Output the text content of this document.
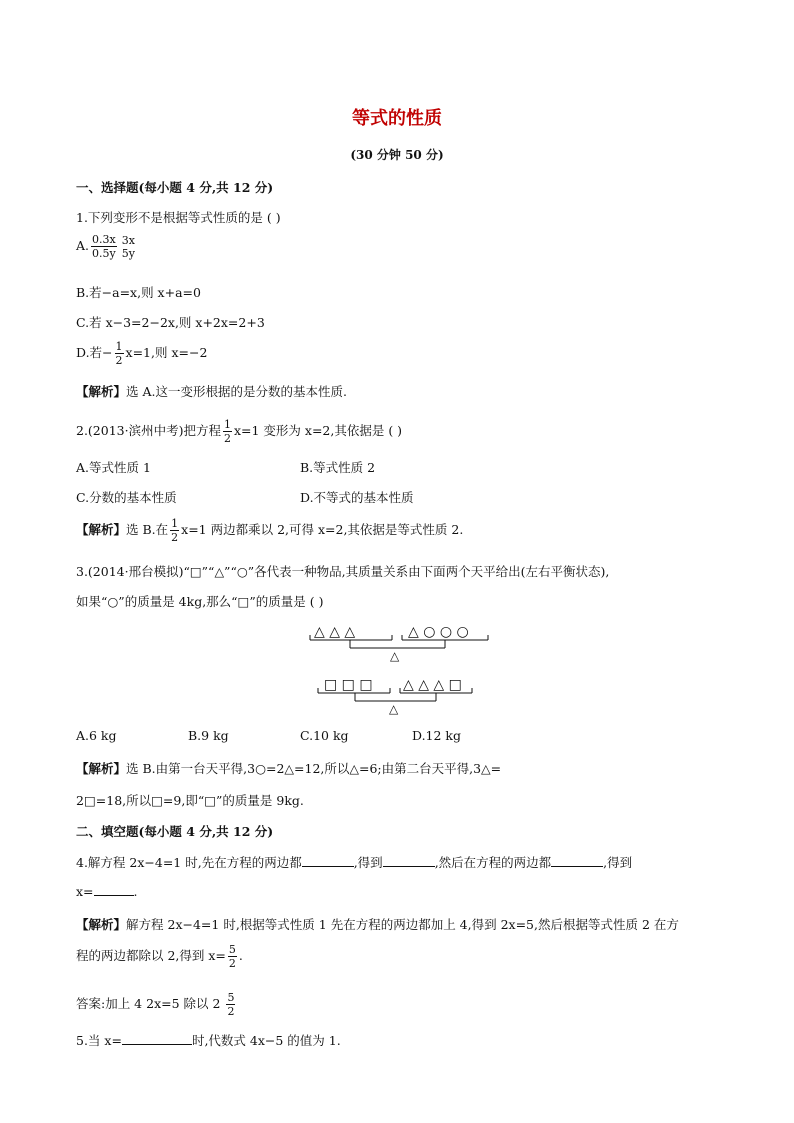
等式的性质
(30 分钟 50 分)
一、选择题(每小题 4 分,共 12 分)
1.下列变形不是根据等式性质的是 ( )
A. $\frac{0.3x}{0.5y} 3x$
5y
B.若−a=x,则 x+a=0
C.若 x−3=2−2x,则 x+2x=2+3
D.若− $\frac{1}{2} x=1$,则 x=−2
【解析】选 A.这一变形根据的是分数的基本性质.
2.(2013·滨州中考)把方程 $\frac{1}{2} x=1$ 变形为 x=2,其依据是 ( )
A.等式性质 1	B.等式性质 2
C.分数的基本性质	D.不等式的基本性质
【解析】选 B.在 $\frac{1}{2} x=1$ 两边都乘以 2,可得 x=2,其依据是等式性质 2.
3.(2014·邢台模拟)“□”“△”“○”各代表一种物品,其质量关系由下面两个天平给出(左右平衡状态),
如果“○”的质量是 4kg,那么“□”的质量是 ( )
△ △ △	△ ○ ○ ○
△
□ □ □ △ △ △ □
△
A.6 kg	B.9 kg	C.10 kg	D.12 kg
【解析】选 B.由第一台天平得,3○=2△=12,所以△=6;由第二台天平得,3△=
2□=18,所以□=9,即“□”的质量是 9kg.
二、填空题(每小题 4 分,共 12 分)
4.解方程 2x−4=1 时,先在方程的两边都	,得到	,然后在方程的两边都	,得到
x=	.
【解析】解方程 2x−4=1 时,根据等式性质 1 先在方程的两边都加上 4,得到 2x=5,然后根据等式性质 2 在方
程的两边都除以 2,得到 $x= \frac{5}{2}$ .
答案:加上 4 2x=5 除以 $2 \frac{5}{2}$
5.当 x=	时,代数式 4x−5 的值为 1.
